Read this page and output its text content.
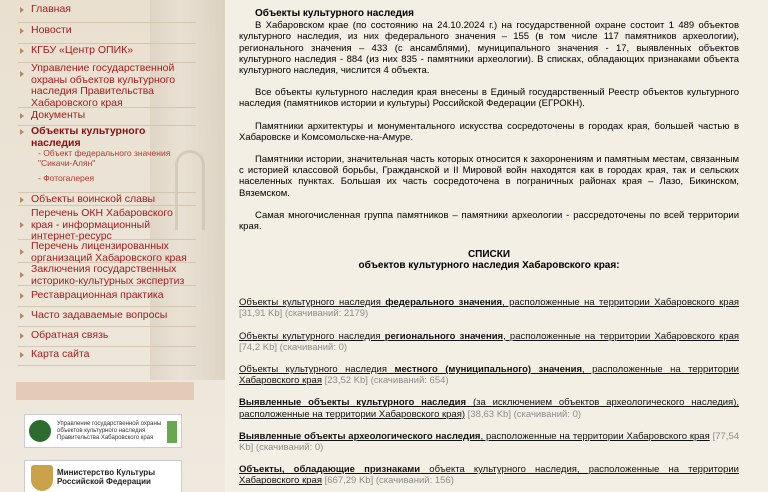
Главная
Новости
КГБУ «Центр ОПИК»
Управление государственной охраны объектов культурного наследия Правительства Хабаровского края
Документы
Объекты культурного наследия
- Объект федерального значения "Сикачи-Алян"
- Фотогалерея
Объекты воинской славы
Перечень ОКН Хабаровского края - информационный интернет-ресурс
Перечень лицензированных организаций Хабаровского края
Заключения государственных историко-культурных экспертиз
Реставрационная практика
Часто задаваемые вопросы
Обратная связь
Карта сайта
Управление государственной охраны объектов культурного наследия Правительства Хабаровского края
Министерство Культуры Российской Федерации
Объекты культурного наследия

В Хабаровском крае (по состоянию на 24.10.2024 г.) на государственной охране состоит 1 489 объектов культурного наследия, из них федерального значения – 155 (в том числе 117 памятников археологии), регионального значения – 433 (с ансамблями), муниципального значения - 17, выявленных объектов культурного наследия - 884 (из них 835 - памятники археологии). В списках, обладающих признаками объекта культурного наследия, числится 4 объекта.

Все объекты культурного наследия края внесены в Единый государственный Реестр объектов культурного наследия (памятников истории и культуры) Российской Федерации (ЕГРОКН).

Памятники архитектуры и монументального искусства сосредоточены в городах края, большей частью в Хабаровске и Комсомольске-на-Амуре.

Памятники истории, значительная часть которых относится к захоронениям и памятным местам, связанным с историей классовой борьбы, Гражданской и II Мировой войн находятся как в городах края, так и сельских населенных пунктах. Большая их часть сосредоточена в пограничных районах края – Лазо, Бикинском, Вяземском.

Самая многочисленная группа памятников – памятники археологии - рассредоточены по всей территории края.

СПИСКИ
объектов культурного наследия Хабаровского края:
Объекты культурного наследия федерального значения, расположенные на территории Хабаровского края [31,91 Kb] (скачиваний: 2179)
Объекты культурного наследия регионального значения, расположенные на территории Хабаровского края [74,2 Kb] (скачиваний: 0)
Объекты культурного наследия местного (муниципального) значения, расположенные на территории Хабаровского края [23,52 Kb] (скачиваний: 654)
Выявленные объекты культурного наследия (за исключением объектов археологического наследия), расположенные на территории Хабаровского края) [38,63 Kb] (скачиваний: 0)
Выявленные объекты археологического наследия, расположенные на территории Хабаровского края [77,54 Kb] (скачиваний: 0)
Объекты, обладающие признаками объекта культурного наследия, расположенные на территории Хабаровского края [667,29 Kb] (скачиваний: 156)
